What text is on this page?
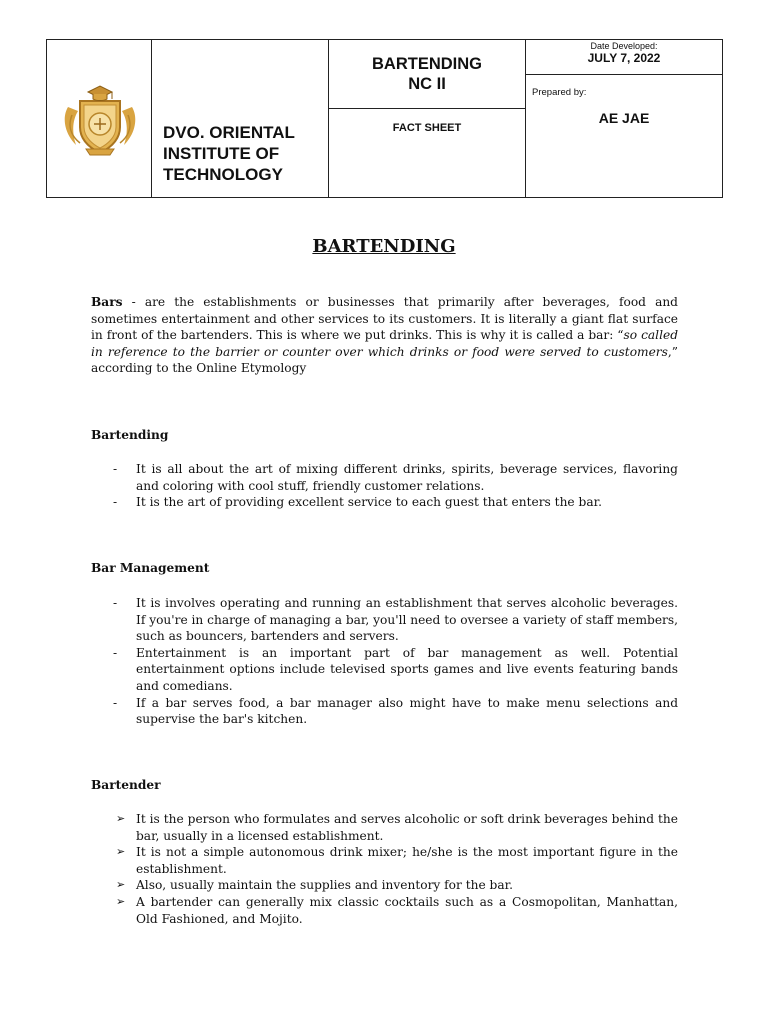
DVO. ORIENTAL INSTITUTE OF TECHNOLOGY
BARTENDING
NC II
FACT SHEET
Date Developed:
JULY 7, 2022
Prepared by:
AE JAE
BARTENDING
Bars - are the establishments or businesses that primarily after beverages, food and sometimes entertainment and other services to its customers. It is literally a giant flat surface in front of the bartenders. This is where we put drinks. This is why it is called a bar: “so called in reference to the barrier or counter over which drinks or food were served to customers,” according to the Online Etymology
Bartending
- It is all about the art of mixing different drinks, spirits, beverage services, flavoring and coloring with cool stuff, friendly customer relations.
- It is the art of providing excellent service to each guest that enters the bar.
Bar Management
- It is involves operating and running an establishment that serves alcoholic beverages. If you're in charge of managing a bar, you'll need to oversee a variety of staff members, such as bouncers, bartenders and servers.
- Entertainment is an important part of bar management as well. Potential entertainment options include televised sports games and live events featuring bands and comedians.
- If a bar serves food, a bar manager also might have to make menu selections and supervise the bar's kitchen.
Bartender
➢ It is the person who formulates and serves alcoholic or soft drink beverages behind the bar, usually in a licensed establishment.
➢ It is not a simple autonomous drink mixer; he/she is the most important figure in the establishment.
➢ Also, usually maintain the supplies and inventory for the bar.
➢ A bartender can generally mix classic cocktails such as a Cosmopolitan, Manhattan, Old Fashioned, and Mojito.
